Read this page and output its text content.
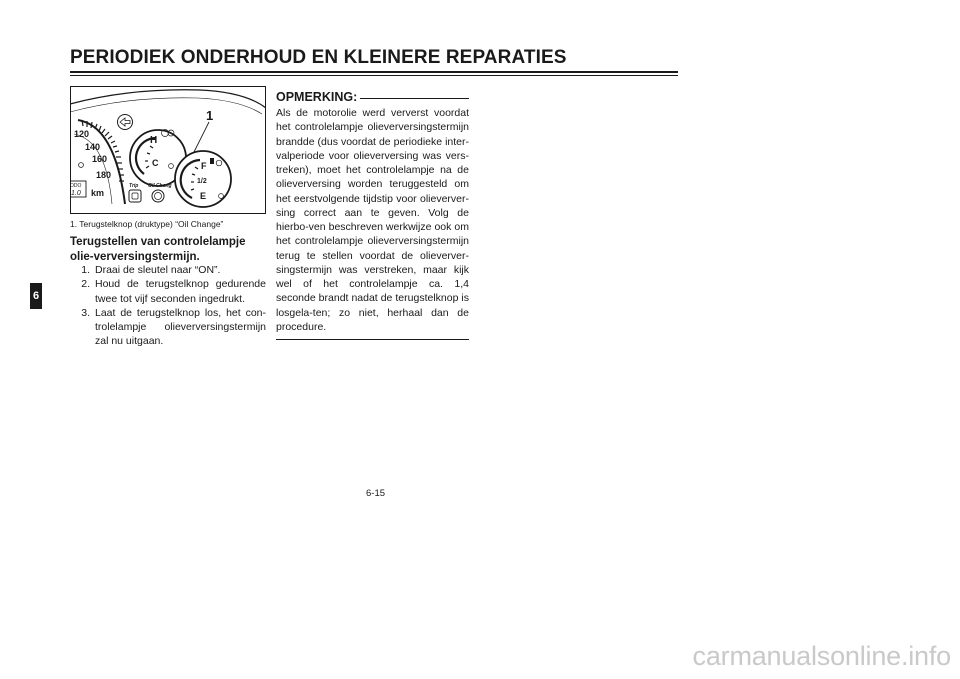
PERIODIEK ONDERHOUD EN KLEINERE REPARATIES
6
120
140
160
180
ODO
1.0 km
H
C
1
F
1/2
E
Trip Oil Chang
1. Terugstelknop (druktype) “Oil Change”
Terugstellen van controlelampje olie-verversingstermijn.
1. Draai de sleutel naar “ON”.
2. Houd de terugstelknop gedurende twee tot vijf seconden ingedrukt.
3. Laat de terugstelknop los, het con-trolelampje olieverversingstermijn zal nu uitgaan.
OPMERKING:
Als de motorolie werd ververst voordat het controlelampje olieverversingstermijn brandde (dus voordat de periodieke inter-valperiode voor olieverversing was vers-treken), moet het controlelampje na de olieverversing worden teruggesteld om het eerstvolgende tijdstip voor olieverver-sing correct aan te geven. Volg de hierbo-ven beschreven werkwijze ook om het controlelampje olieverversingstermijn terug te stellen voordat de olieverver-singstermijn was verstreken, maar kijk wel of het controlelampje ca. 1,4 seconde brandt nadat de terugstelknop is losgela-ten; zo niet, herhaal dan de procedure.
6-15
carmanualsonline.info
